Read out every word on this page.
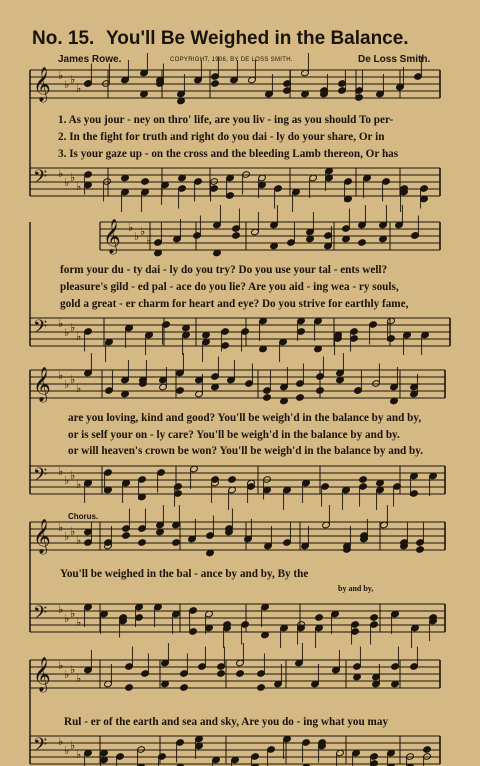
No. 15. You'll Be Weighed in the Balance.
James Rowe.	COPYRIGHT, 1906, BY DE LOSS SMITH.	De Loss Smith.
𝄞 ♭
♭ ♭
♭
𝄢 ♭
♭ ♭
♭
𝄞 ♭
♭ ♭
♭
𝄢 ♭
♭ ♭
♭
𝄞 ♭
♭ ♭
♭
𝄢 ♭
♭ ♭
♭
𝄞 ♭
♭ ♭
♭
𝄢 ♭
♭ ♭
♭
𝄞 ♭
♭ ♭
♭
𝄢 ♭
♭ ♭
♭
1. As you jour - ney on thro' life, are you liv - ing as you should To per-
2. In the fight for truth and right do you dai - ly do your share, Or in
3. Is your gaze up - on the cross and the bleeding Lamb thereon, Or has
form your du - ty dai - ly do you try? Do you use your tal - ents well?
pleasure's gild - ed pal - ace do you lie? Are you aid - ing wea - ry souls,
gold a great - er charm for heart and eye? Do you strive for earthly fame,
are you loving, kind and good? You'll be weigh'd in the balance by and by,
or is self your on - ly care? You'll be weigh'd in the balance by and by.
or will heaven's crown be won? You'll be weigh'd in the balance by and by.
Chorus.
You'll be weighed in the bal - ance by and by, By the
by and by,
Rul - er of the earth and sea and sky, Are you do - ing what you may
